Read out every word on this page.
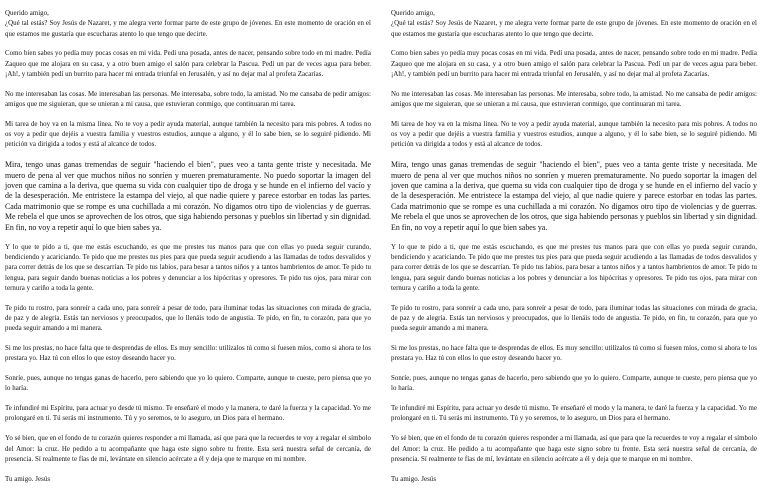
Querido amigo,
¿Qué tal estás? Soy Jesús de Nazaret, y me alegra verte formar parte de este grupo de jóvenes. En este momento de oración en el que estamos me gustaría que escucharas atento lo que tengo que decirte.

Como bien sabes yo pedía muy pocas cosas en mi vida. Pedí una posada, antes de nacer, pensando sobre todo en mi madre. Pedía Zaqueo que me alojara en su casa, y a otro buen amigo el salón para celebrar la Pascua. Pedí un par de veces agua para beber. ¡Ah!, y también pedí un burrito para hacer mi entrada triunfal en Jerusalén, y así no dejar mal al profeta Zacarías.

No me interesaban las cosas. Me interesaban las personas. Me interesaba, sobre todo, la amistad. No me cansaba de pedir amigos: amigos que me siguieran, que se unieran a mi causa, que estuvieran conmigo, que continuaran mi tarea.

Mi tarea de hoy va en la misma línea. No te voy a pedir ayuda material, aunque también la necesito para mis pobres. A todos no os voy a pedir que dejéis a vuestra familia y vuestros estudios, aunque a alguno, y él lo sabe bien, se lo seguiré pidiendo. Mi petición va dirigida a todos y está al alcance de todos.

Mira, tengo unas ganas tremendas de seguir "haciendo el bien", pues veo a tanta gente triste y necesitada. Me muero de pena al ver que muchos niños no sonríen y mueren prematuramente. No puedo soportar la imagen del joven que camina a la deriva, que quema su vida con cualquier tipo de droga y se hunde en el infierno del vacío y de la desesperación. Me entristece la estampa del viejo, al que nadie quiere y parece estorbar en todas las partes. Cada matrimonio que se rompe es una cuchillada a mi corazón. No digamos otro tipo de violencias y de guerras. Me rebela el que unos se aprovechen de los otros, que siga habiendo personas y pueblos sin libertad y sin dignidad. En fin, no voy a repetir aquí lo que bien sabes ya.

Y lo que te pido a ti, que me estás escuchando, es que me prestes tus manos para que con ellas yo pueda seguir curando, bendiciendo y acariciando. Te pido que me prestes tus pies para que pueda seguir acudiendo a las llamadas de todos desvalidos y para correr detrás de los que se descarrían. Te pido tus labios, para besar a tantos niños y a tantos hambrientos de amor. Te pido tu lengua, para seguir dando buenas noticias a los pobres y denunciar a los hipócritas y opresores. Te pido tus ojos, para mirar con ternura y cariño a toda la gente.

Te pido tu rostro, para sonreír a cada uno, para sonreír a pesar de todo, para iluminar todas las situaciones con mirada de gracia, de paz y de alegría. Estás tan nerviosos y preocupados, que lo llenáis todo de angustia. Te pido, en fin, tu corazón, para que yo pueda seguir amando a mi manera.

Si me los prestas, no hace falta que te desprendas de ellos. Es muy sencillo: utilízalos tú como si fuesen míos, como si ahora te los prestara yo. Haz tú con ellos lo que estoy deseando hacer yo.

Sonríe, pues, aunque no tengas ganas de hacerlo, pero sabiendo que yo lo quiero. Comparte, aunque te cueste, pero piensa que yo lo haría.

Te infundiré mi Espíritu, para actuar yo desde tú mismo. Te enseñaré el modo y la manera, te daré la fuerza y la capacidad. Yo me prolongaré en ti. Tú serás mi instrumento. Tú y yo seremos, te lo aseguro, un Dios para el hermano.

Yo sé bien, que en el fondo de tu corazón quieres responder a mi llamada, así que para que la recuerdes te voy a regalar el símbolo del Amor: la cruz. He pedido a tu acompañante que haga este signo sobre tu frente. Esta será nuestra señal de cercanía, de presencia. Sí realmente te fías de mí, levántate en silencio acércate a él y deja que te marque en mi nombre.

Tu amigo. Jesús

Querido amigo,
¿Qué tal estás? Soy Jesús de Nazaret, y me alegra verte formar parte de este grupo de jóvenes. En este momento de oración en el que estamos me gustaría que escucharas atento lo que tengo que decirte.

Como bien sabes yo pedía muy pocas cosas en mi vida. Pedí una posada, antes de nacer, pensando sobre todo en mi madre. Pedía Zaqueo que me alojara en su casa, y a otro buen amigo el salón para celebrar la Pascua. Pedí un par de veces agua para beber. ¡Ah!, y también pedí un burrito para hacer mi entrada triunfal en Jerusalén, y así no dejar mal al profeta Zacarías.

No me interesaban las cosas. Me interesaban las personas. Me interesaba, sobre todo, la amistad. No me cansaba de pedir amigos: amigos que me siguieran, que se unieran a mi causa, que estuvieran conmigo, que continuaran mi tarea.

Mi tarea de hoy va en la misma línea. No te voy a pedir ayuda material, aunque también la necesito para mis pobres. A todos no os voy a pedir que dejéis a vuestra familia y vuestros estudios, aunque a alguno, y él lo sabe bien, se lo seguiré pidiendo. Mi petición va dirigida a todos y está al alcance de todos.

Mira, tengo unas ganas tremendas de seguir "haciendo el bien", pues veo a tanta gente triste y necesitada. Me muero de pena al ver que muchos niños no sonríen y mueren prematuramente. No puedo soportar la imagen del joven que camina a la deriva, que quema su vida con cualquier tipo de droga y se hunde en el infierno del vacío y de la desesperación. Me entristece la estampa del viejo, al que nadie quiere y parece estorbar en todas las partes. Cada matrimonio que se rompe es una cuchillada a mi corazón. No digamos otro tipo de violencias y de guerras. Me rebela el que unos se aprovechen de los otros, que siga habiendo personas y pueblos sin libertad y sin dignidad. En fin, no voy a repetir aquí lo que bien sabes ya.

Y lo que te pido a ti, que me estás escuchando, es que me prestes tus manos para que con ellas yo pueda seguir curando, bendiciendo y acariciando. Te pido que me prestes tus pies para que pueda seguir acudiendo a las llamadas de todos desvalidos y para correr detrás de los que se descarrían. Te pido tus labios, para besar a tantos niños y a tantos hambrientos de amor. Te pido tu lengua, para seguir dando buenas noticias a los pobres y denunciar a los hipócritas y opresores. Te pido tus ojos, para mirar con ternura y cariño a toda la gente.

Te pido tu rostro, para sonreír a cada uno, para sonreír a pesar de todo, para iluminar todas las situaciones con mirada de gracia, de paz y de alegría. Estás tan nerviosos y preocupados, que lo llenáis todo de angustia. Te pido, en fin, tu corazón, para que yo pueda seguir amando a mi manera.

Si me los prestas, no hace falta que te desprendas de ellos. Es muy sencillo: utilízalos tú como si fuesen míos, como si ahora te los prestara yo. Haz tú con ellos lo que estoy deseando hacer yo.

Sonríe, pues, aunque no tengas ganas de hacerlo, pero sabiendo que yo lo quiero. Comparte, aunque te cueste, pero piensa que yo lo haría.

Te infundiré mi Espíritu, para actuar yo desde tú mismo. Te enseñaré el modo y la manera, te daré la fuerza y la capacidad. Yo me prolongaré en ti. Tú serás mi instrumento. Tú y yo seremos, te lo aseguro, un Dios para el hermano.

Yo sé bien, que en el fondo de tu corazón quieres responder a mi llamada, así que para que la recuerdes te voy a regalar el símbolo del Amor: la cruz. He pedido a tu acompañante que haga este signo sobre tu frente. Esta será nuestra señal de cercanía, de presencia. Sí realmente te fías de mí, levántate en silencio acércate a él y deja que te marque en mi nombre.

Tu amigo. Jesús
